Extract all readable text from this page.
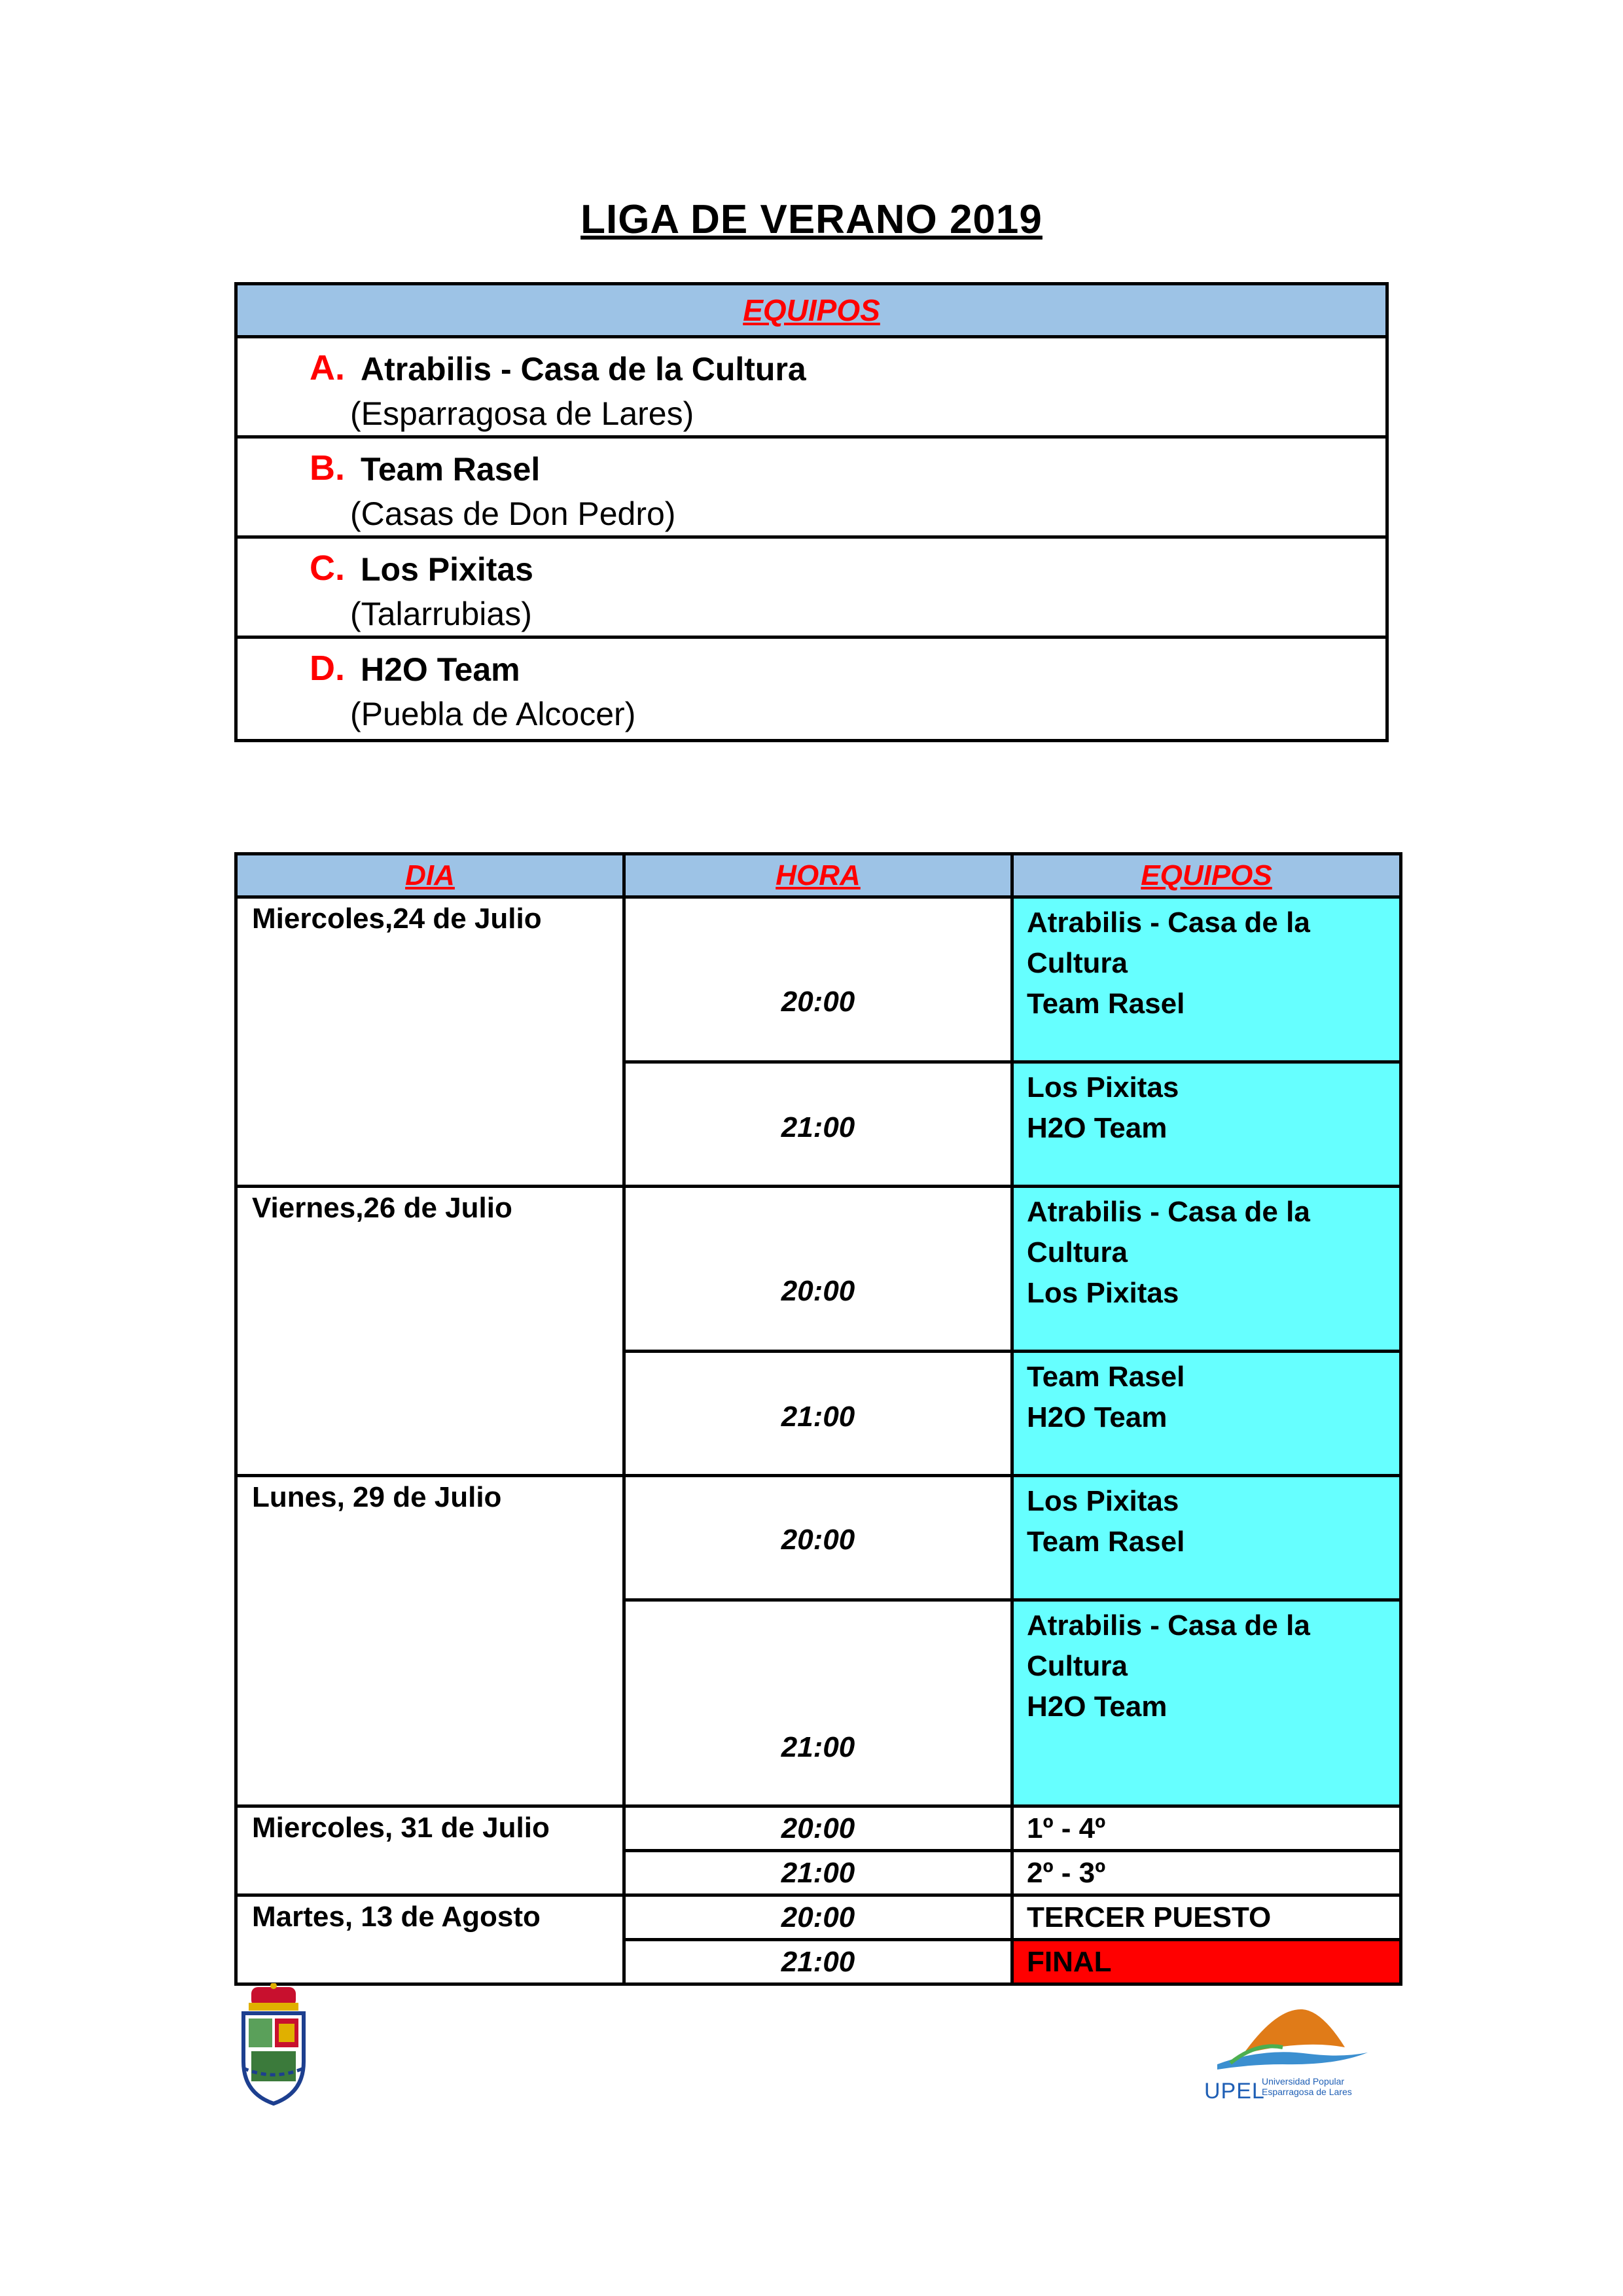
LIGA DE VERANO 2019
EQUIPOS
A. Atrabilis - Casa de la Cultura
(Esparragosa de Lares)
B. Team Rasel
(Casas de Don Pedro)
C. Los Pixitas
(Talarrubias)
D. H2O Team
(Puebla de Alcocer)
DIA	HORA	EQUIPOS
Miercoles,24 de Julio	20:00	Atrabilis - Casa de la
Cultura
Team Rasel

	21:00	Los Pixitas
H2O Team

Viernes,26 de Julio	20:00	Atrabilis - Casa de la
Cultura
Los Pixitas

	21:00	Team Rasel
H2O Team

Lunes, 29 de Julio	20:00	Los Pixitas
Team Rasel

	21:00	Atrabilis - Casa de la
Cultura
H2O Team

Miercoles, 31 de Julio	20:00	1º - 4º
	21:00	2º - 3º
Martes, 13 de Agosto	20:00	TERCER PUESTO
	21:00	FINAL
UPEL
Universidad Popular
Esparragosa de Lares
